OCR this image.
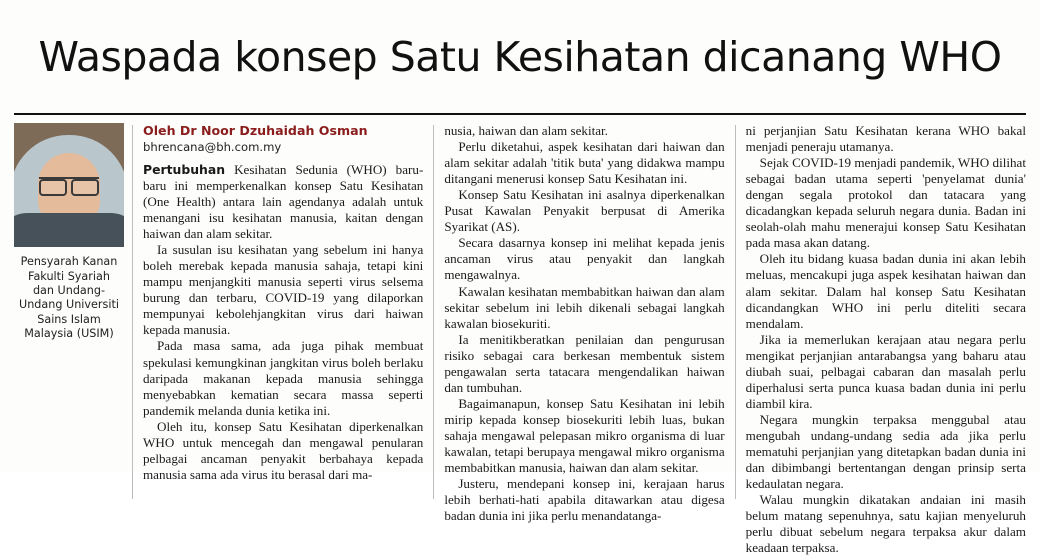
Waspada konsep Satu Kesihatan dicanang WHO
Pensyarah Kanan Fakulti Syariah dan Undang-Undang Universiti Sains Islam Malaysia (USIM)
Oleh Dr Noor Dzuhaidah Osman
bhrencana@bh.com.my

Pertubuhan Kesihatan Sedunia (WHO) baru-baru ini memperkenalkan konsep Satu Kesihatan (One Health) antara lain agendanya adalah untuk menangani isu kesihatan manusia, kaitan dengan haiwan dan alam sekitar.

Ia susulan isu kesihatan yang sebelum ini hanya boleh merebak kepada manusia sahaja, tetapi kini mampu menjangkiti manusia seperti virus selsema burung dan terbaru, COVID-19 yang dilaporkan mempunyai kebolehjangkitan virus dari haiwan kepada manusia.

Pada masa sama, ada juga pihak membuat spekulasi kemungkinan jangkitan virus boleh berlaku daripada makanan kepada manusia sehingga menyebabkan kematian secara massa seperti pandemik melanda dunia ketika ini.

Oleh itu, konsep Satu Kesihatan diperkenalkan WHO untuk mencegah dan mengawal penularan pelbagai ancaman penyakit berbahaya kepada manusia sama ada virus itu berasal dari ma-

nusia, haiwan dan alam sekitar.

Perlu diketahui, aspek kesihatan dari haiwan dan alam sekitar adalah 'titik buta' yang didakwa mampu ditangani menerusi konsep Satu Kesihatan ini.

Konsep Satu Kesihatan ini asalnya diperkenalkan Pusat Kawalan Penyakit berpusat di Amerika Syarikat (AS).

Secara dasarnya konsep ini melihat kepada jenis ancaman virus atau penyakit dan langkah mengawalnya.

Kawalan kesihatan membabitkan haiwan dan alam sekitar sebelum ini lebih dikenali sebagai langkah kawalan biosekuriti.

Ia menitikberatkan penilaian dan pengurusan risiko sebagai cara berkesan membentuk sistem pengawalan serta tatacara mengendalikan haiwan dan tumbuhan.

Bagaimanapun, konsep Satu Kesihatan ini lebih mirip kepada konsep biosekuriti lebih luas, bukan sahaja mengawal pelepasan mikro organisma di luar kawalan, tetapi berupaya mengawal mikro organisma membabitkan manusia, haiwan dan alam sekitar.

Justeru, mendepani konsep ini, kerajaan harus lebih berhati-hati apabila ditawarkan atau digesa badan dunia ini jika perlu menandatanga-

ni perjanjian Satu Kesihatan kerana WHO bakal menjadi peneraju utamanya.

Sejak COVID-19 menjadi pandemik, WHO dilihat sebagai badan utama seperti 'penyelamat dunia' dengan segala protokol dan tatacara yang dicadangkan kepada seluruh negara dunia. Badan ini seolah-olah mahu menerajui konsep Satu Kesihatan pada masa akan datang.

Oleh itu bidang kuasa badan dunia ini akan lebih meluas, mencakupi juga aspek kesihatan haiwan dan alam sekitar. Dalam hal konsep Satu Kesihatan dicandangkan WHO ini perlu diteliti secara mendalam.

Jika ia memerlukan kerajaan atau negara perlu mengikat perjanjian antarabangsa yang baharu atau diubah suai, pelbagai cabaran dan masalah perlu diperhalusi serta punca kuasa badan dunia ini perlu diambil kira.

Negara mungkin terpaksa menggubal atau mengubah undang-undang sedia ada jika perlu mematuhi perjanjian yang ditetapkan badan dunia ini dan dibimbangi bertentangan dengan prinsip serta kedaulatan negara.

Walau mungkin dikatakan andaian ini masih belum matang sepenuhnya, satu kajian menyeluruh perlu dibuat sebelum negara terpaksa akur dalam keadaan terpaksa.
